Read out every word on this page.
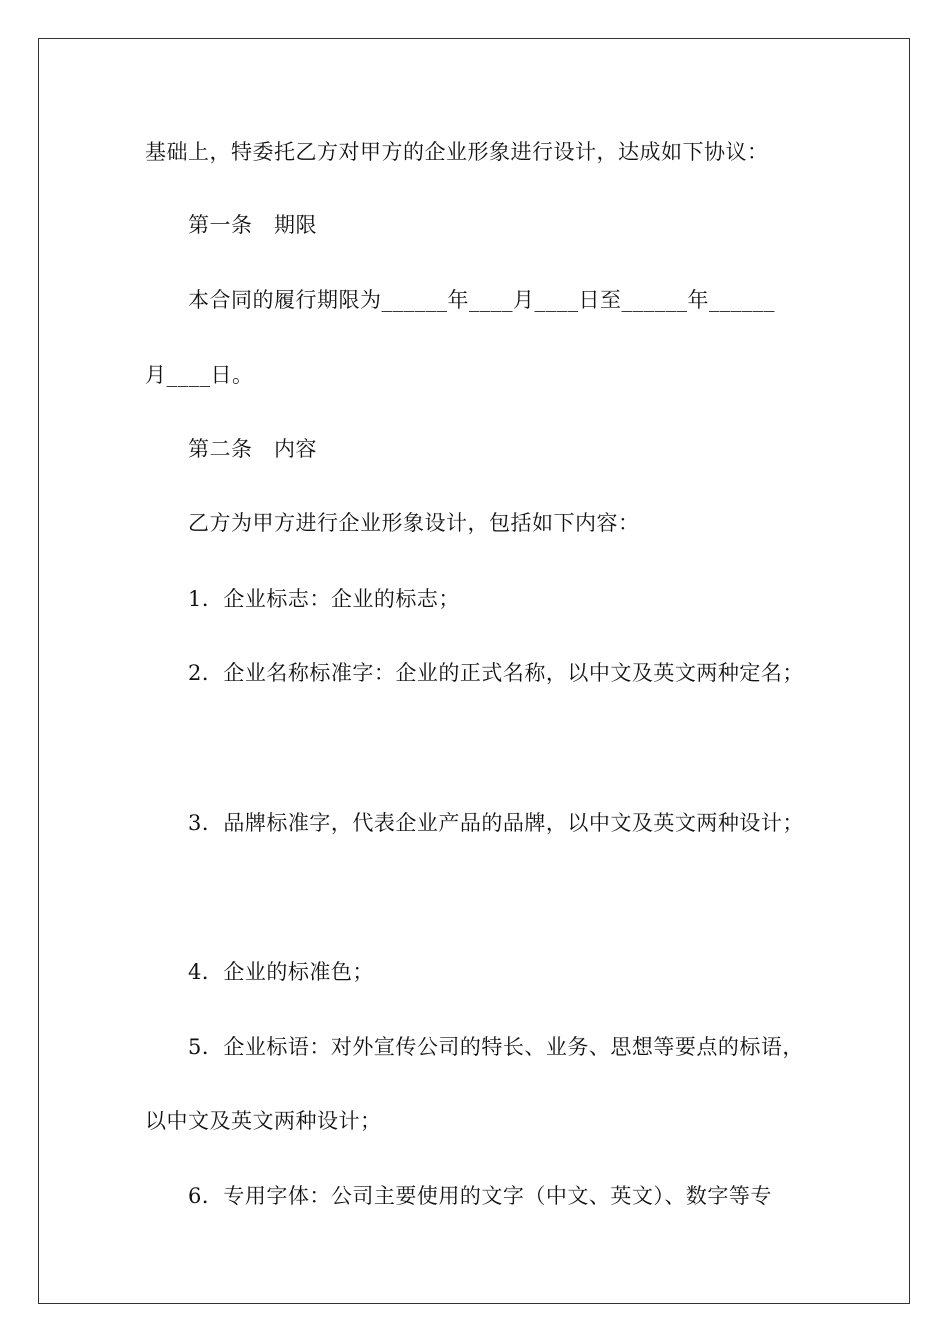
基础上，特委托乙方对甲方的企业形象进行设计，达成如下协议：
第一条　期限
本合同的履行期限为______年____月____日至______年______
月____日。
第二条　内容
乙方为甲方进行企业形象设计，包括如下内容：
1．企业标志：企业的标志；
2．企业名称标准字：企业的正式名称，以中文及英文两种定名；
3．品牌标准字，代表企业产品的品牌，以中文及英文两种设计；
4．企业的标准色；
5．企业标语：对外宣传公司的特长、业务、思想等要点的标语，
以中文及英文两种设计；
6．专用字体：公司主要使用的文字（中文、英文）、数字等专
